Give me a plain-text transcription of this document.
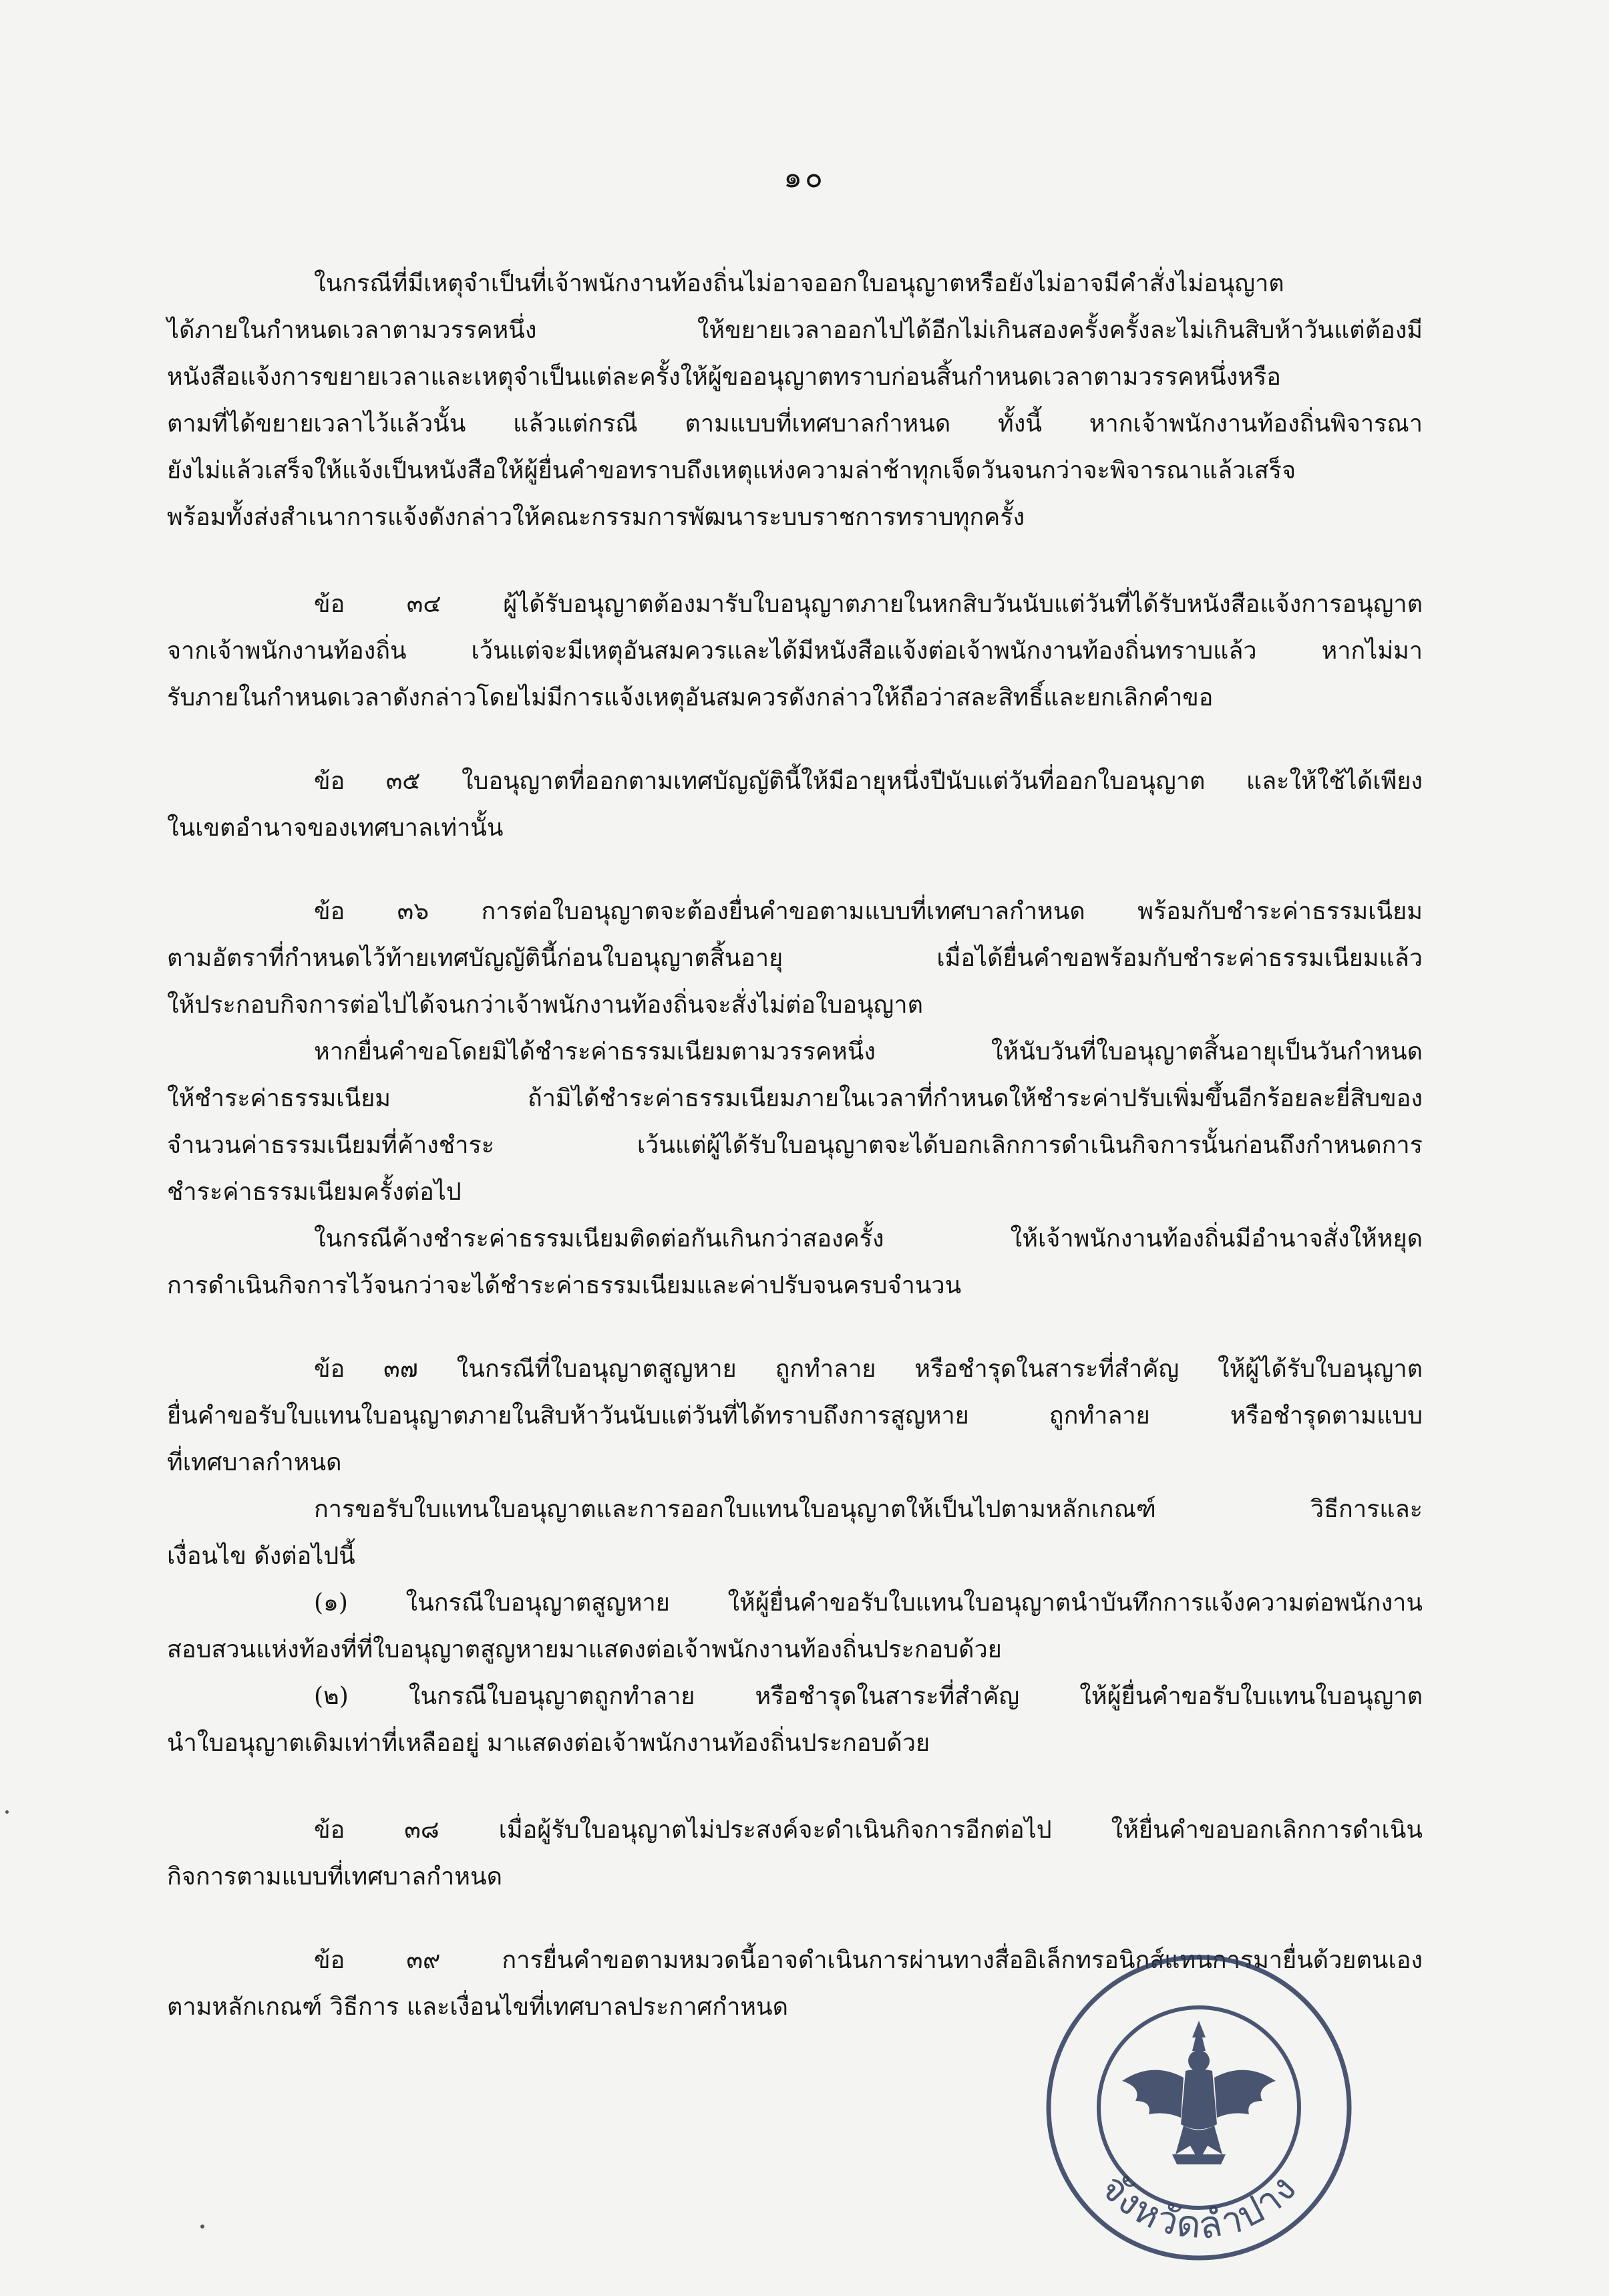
๑๐
ในกรณีที่มีเหตุจำเป็นที่เจ้าพนักงานท้องถิ่นไม่อาจออกใบอนุญาตหรือยังไม่อาจมีคำสั่งไม่อนุญาต
ได้ภายในกำหนดเวลาตามวรรคหนึ่ง ให้ขยายเวลาออกไปได้อีกไม่เกินสองครั้งครั้งละไม่เกินสิบห้าวันแต่ต้องมี
หนังสือแจ้งการขยายเวลาและเหตุจำเป็นแต่ละครั้งให้ผู้ขออนุญาตทราบก่อนสิ้นกำหนดเวลาตามวรรคหนึ่งหรือ
ตามที่ได้ขยายเวลาไว้แล้วนั้น แล้วแต่กรณี ตามแบบที่เทศบาลกำหนด ทั้งนี้ หากเจ้าพนักงานท้องถิ่นพิจารณา
ยังไม่แล้วเสร็จให้แจ้งเป็นหนังสือให้ผู้ยื่นคำขอทราบถึงเหตุแห่งความล่าช้าทุกเจ็ดวันจนกว่าจะพิจารณาแล้วเสร็จ
พร้อมทั้งส่งสำเนาการแจ้งดังกล่าวให้คณะกรรมการพัฒนาระบบราชการทราบทุกครั้ง
ข้อ ๓๔ ผู้ได้รับอนุญาตต้องมารับใบอนุญาตภายในหกสิบวันนับแต่วันที่ได้รับหนังสือแจ้งการอนุญาต
จากเจ้าพนักงานท้องถิ่น เว้นแต่จะมีเหตุอันสมควรและได้มีหนังสือแจ้งต่อเจ้าพนักงานท้องถิ่นทราบแล้ว หากไม่มา
รับภายในกำหนดเวลาดังกล่าวโดยไม่มีการแจ้งเหตุอันสมควรดังกล่าวให้ถือว่าสละสิทธิ์และยกเลิกคำขอ
ข้อ ๓๕ ใบอนุญาตที่ออกตามเทศบัญญัตินี้ให้มีอายุหนึ่งปีนับแต่วันที่ออกใบอนุญาต และให้ใช้ได้เพียง
ในเขตอำนาจของเทศบาลเท่านั้น
ข้อ ๓๖ การต่อใบอนุญาตจะต้องยื่นคำขอตามแบบที่เทศบาลกำหนด พร้อมกับชำระค่าธรรมเนียม
ตามอัตราที่กำหนดไว้ท้ายเทศบัญญัตินี้ก่อนใบอนุญาตสิ้นอายุ เมื่อได้ยื่นคำขอพร้อมกับชำระค่าธรรมเนียมแล้ว
ให้ประกอบกิจการต่อไปได้จนกว่าเจ้าพนักงานท้องถิ่นจะสั่งไม่ต่อใบอนุญาต
หากยื่นคำขอโดยมิได้ชำระค่าธรรมเนียมตามวรรคหนึ่ง ให้นับวันที่ใบอนุญาตสิ้นอายุเป็นวันกำหนด
ให้ชำระค่าธรรมเนียม ถ้ามิได้ชำระค่าธรรมเนียมภายในเวลาที่กำหนดให้ชำระค่าปรับเพิ่มขึ้นอีกร้อยละยี่สิบของ
จำนวนค่าธรรมเนียมที่ค้างชำระ เว้นแต่ผู้ได้รับใบอนุญาตจะได้บอกเลิกการดำเนินกิจการนั้นก่อนถึงกำหนดการ
ชำระค่าธรรมเนียมครั้งต่อไป
ในกรณีค้างชำระค่าธรรมเนียมติดต่อกันเกินกว่าสองครั้ง ให้เจ้าพนักงานท้องถิ่นมีอำนาจสั่งให้หยุด
การดำเนินกิจการไว้จนกว่าจะได้ชำระค่าธรรมเนียมและค่าปรับจนครบจำนวน
ข้อ ๓๗ ในกรณีที่ใบอนุญาตสูญหาย ถูกทำลาย หรือชำรุดในสาระที่สำคัญ ให้ผู้ได้รับใบอนุญาต
ยื่นคำขอรับใบแทนใบอนุญาตภายในสิบห้าวันนับแต่วันที่ได้ทราบถึงการสูญหาย ถูกทำลาย หรือชำรุดตามแบบ
ที่เทศบาลกำหนด
การขอรับใบแทนใบอนุญาตและการออกใบแทนใบอนุญาตให้เป็นไปตามหลักเกณฑ์ วิธีการและ
เงื่อนไข ดังต่อไปนี้
(๑) ในกรณีใบอนุญาตสูญหาย ให้ผู้ยื่นคำขอรับใบแทนใบอนุญาตนำบันทึกการแจ้งความต่อพนักงาน
สอบสวนแห่งท้องที่ที่ใบอนุญาตสูญหายมาแสดงต่อเจ้าพนักงานท้องถิ่นประกอบด้วย
(๒) ในกรณีใบอนุญาตถูกทำลาย หรือชำรุดในสาระที่สำคัญ ให้ผู้ยื่นคำขอรับใบแทนใบอนุญาต
นำใบอนุญาตเดิมเท่าที่เหลืออยู่ มาแสดงต่อเจ้าพนักงานท้องถิ่นประกอบด้วย
ข้อ ๓๘ เมื่อผู้รับใบอนุญาตไม่ประสงค์จะดำเนินกิจการอีกต่อไป ให้ยื่นคำขอบอกเลิกการดำเนิน
กิจการตามแบบที่เทศบาลกำหนด
ข้อ ๓๙ การยื่นคำขอตามหมวดนี้อาจดำเนินการผ่านทางสื่ออิเล็กทรอนิกส์แทนการมายื่นด้วยตนเอง
ตามหลักเกณฑ์ วิธีการ และเงื่อนไขที่เทศบาลประกาศกำหนด
จังหวัดลำปาง
